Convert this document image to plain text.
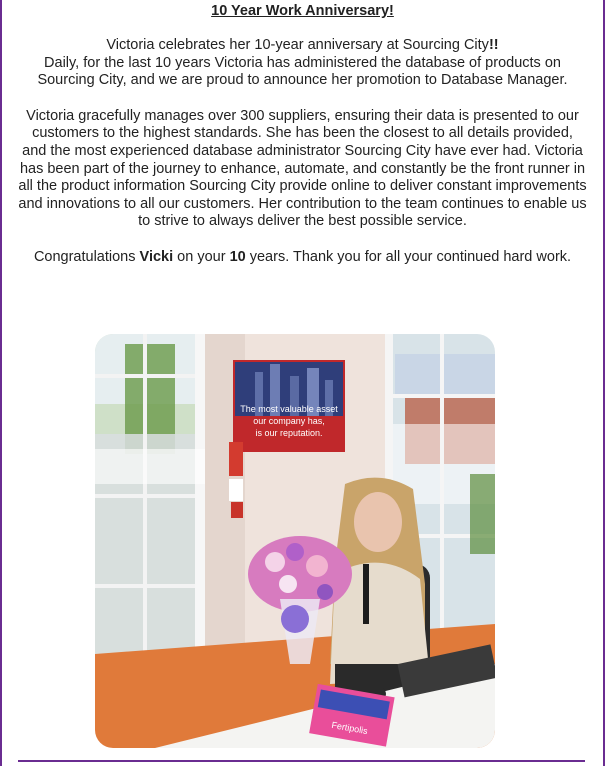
10 Year Work Anniversary!

Victoria celebrates her 10-year anniversary at Sourcing City!!
Daily, for the last 10 years Victoria has administered the database of products on Sourcing City, and we are proud to announce her promotion to Database Manager.

Victoria gracefully manages over 300 suppliers, ensuring their data is presented to our customers to the highest standards. She has been the closest to all details provided, and the most experienced database administrator Sourcing City have ever had. Victoria has been part of the journey to enhance, automate, and constantly be the front runner in all the product information Sourcing City provide online to deliver constant improvements and innovations to all our customers. Her contribution to the team continues to enable us to strive to always deliver the best possible service.

Congratulations Vicki on your 10 years. Thank you for all your continued hard work.

The most valuable asset
our company has,
is our reputation.
Fertipolis
